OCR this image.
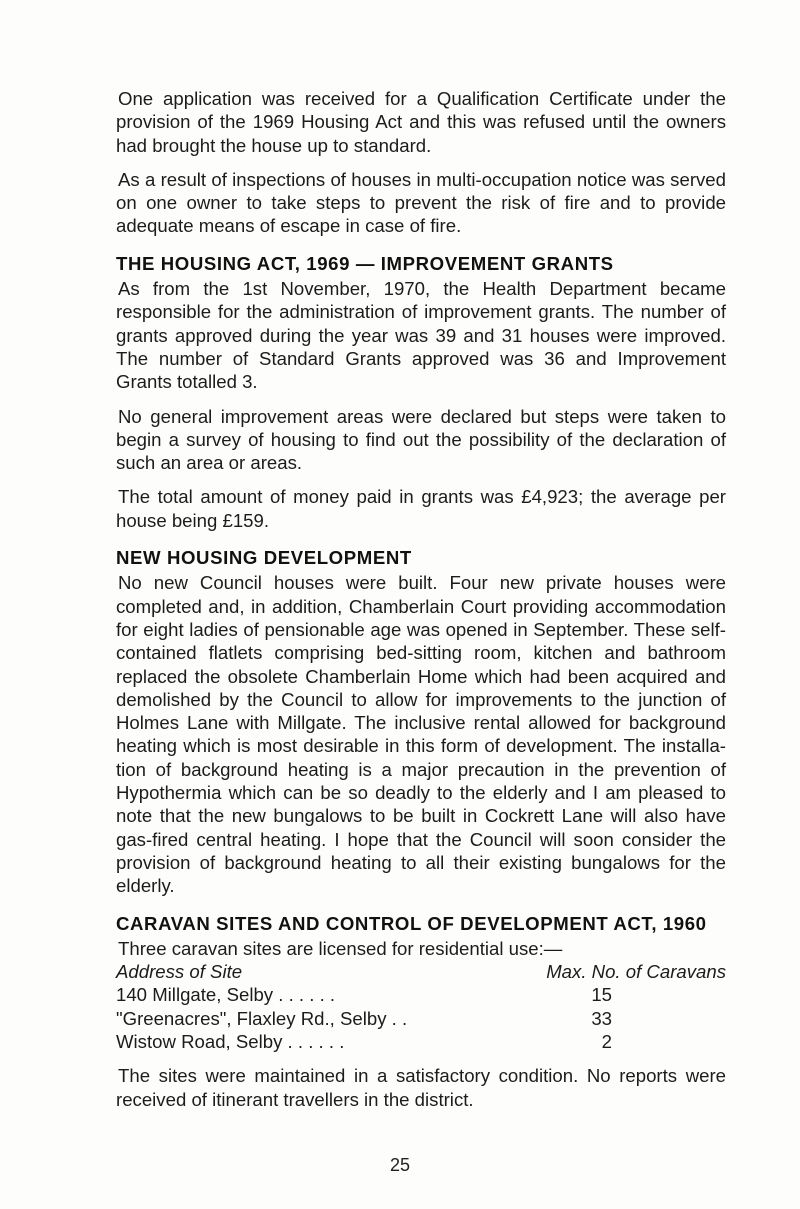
One application was received for a Qualification Certificate under the provision of the 1969 Housing Act and this was refused until the owners had brought the house up to standard.

As a result of inspections of houses in multi-occupation notice was served on one owner to take steps to prevent the risk of fire and to provide adequate means of escape in case of fire.

THE HOUSING ACT, 1969 — IMPROVEMENT GRANTS

As from the 1st November, 1970, the Health Department became responsible for the administration of improvement grants. The number of grants approved during the year was 39 and 31 houses were improved. The number of Standard Grants approved was 36 and Improvement Grants totalled 3.

No general improvement areas were declared but steps were taken to begin a survey of housing to find out the possibility of the declaration of such an area or areas.

The total amount of money paid in grants was £4,923; the average per house being £159.

NEW HOUSING DEVELOPMENT

No new Council houses were built. Four new private houses were completed and, in addition, Chamberlain Court providing accommodation for eight ladies of pensionable age was opened in September. These self-contained flatlets comprising bed-sitting room, kitchen and bathroom replaced the obsolete Chamberlain Home which had been acquired and demolished by the Council to allow for improvements to the junction of Holmes Lane with Millgate. The inclusive rental allowed for background heating which is most desirable in this form of development. The installa- tion of background heating is a major precaution in the prevention of Hypothermia which can be so deadly to the elderly and I am pleased to note that the new bungalows to be built in Cockrett Lane will also have gas-fired central heating. I hope that the Council will soon consider the provision of background heating to all their existing bungalows for the elderly.

CARAVAN SITES AND CONTROL OF DEVELOPMENT ACT, 1960

Three caravan sites are licensed for residential use:—

Address of Site	Max. No. of Caravans
140 Millgate, Selby . . . . . .	15
"Greenacres", Flaxley Rd., Selby . .	33
Wistow Road, Selby . . . . . .	2

The sites were maintained in a satisfactory condition. No reports were received of itinerant travellers in the district.

25
